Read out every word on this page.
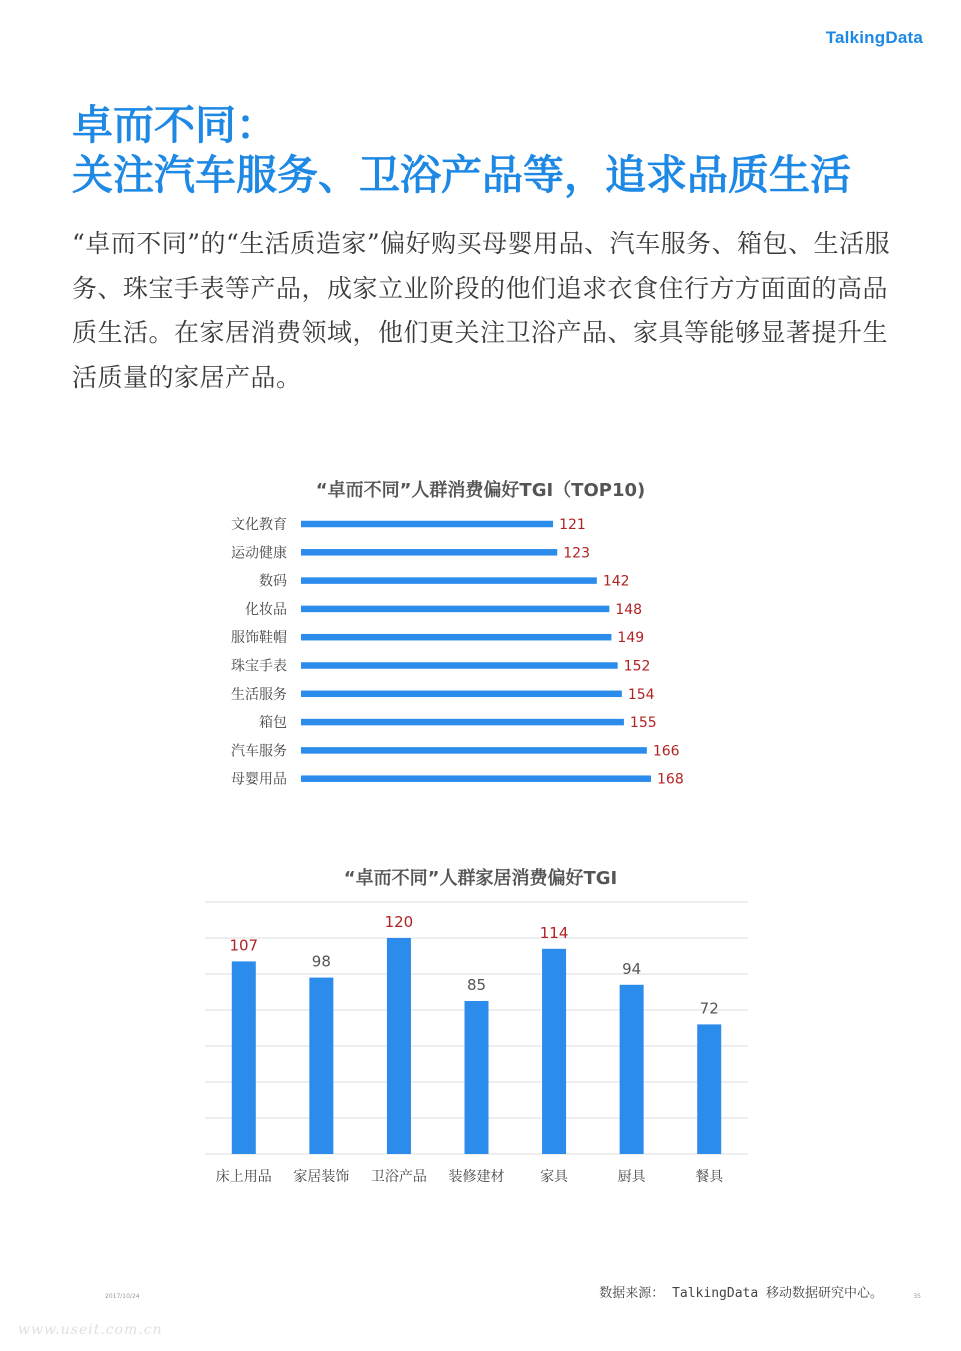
TalkingData
卓而不同：
关注汽车服务、卫浴产品等，追求品质生活

“卓而不同”的“生活质造家”偏好购买母婴用品、汽车服务、箱包、生活服务、珠宝手表等产品，成家立业阶段的他们追求衣食住行方方面面的高品质生活。在家居消费领域，他们更关注卫浴产品、家具等能够显著提升生活质量的家居产品。

“卓而不同”人群消费偏好TGI（TOP10)
文化教育	121
运动健康	123
数码	142
化妆品	148
服饰鞋帽	149
珠宝手表	152
生活服务	154
箱包	155
汽车服务	166
母婴用品	168
“卓而不同”人群家居消费偏好TGI
107
床上用品
98
家居装饰
120
卫浴产品
85
装修建材
114
家具
94
厨具
72
餐具
2017/10/24	数据来源： TalkingData 移动数据研究中心。	35
www.useit.com.cn
